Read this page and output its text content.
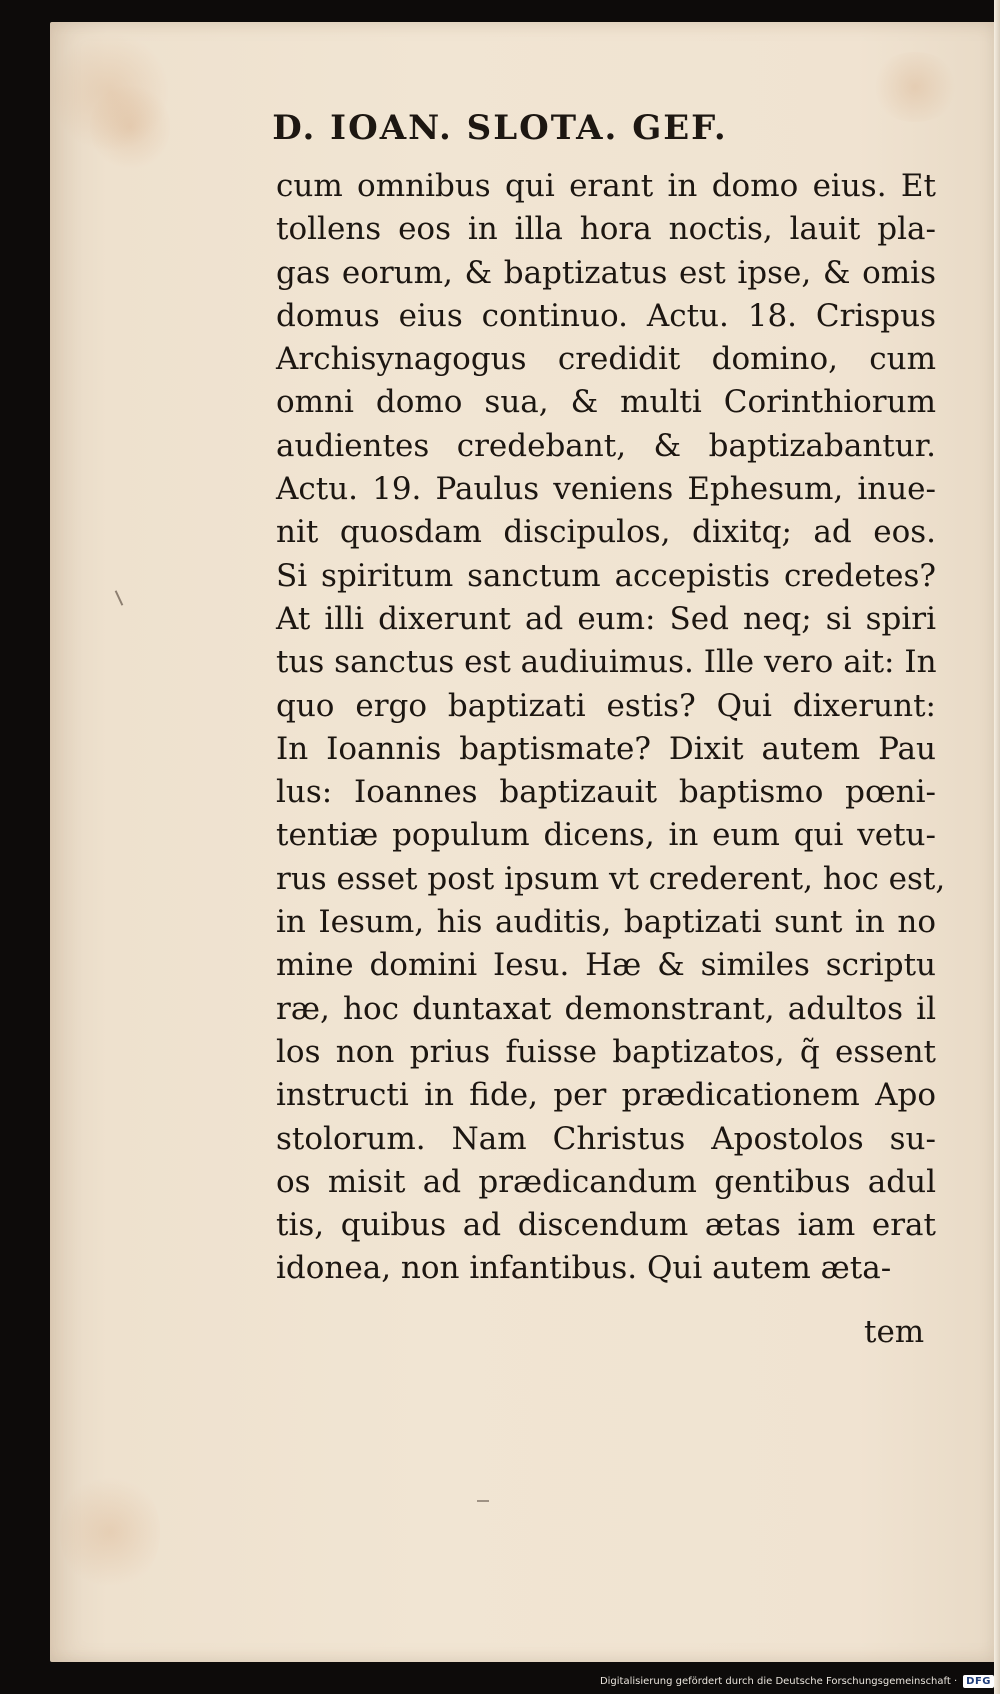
D. IOAN. SLOTA. GEF.
cum omnibus qui erant in domo eius. Et
tollens eos in illa hora noctis, lauit pla-
gas eorum, & baptizatus est ipse, & omis
domus eius continuo. Actu. 18. Crispus
Archisynagogus credidit domino, cum
omni domo sua, & multi Corinthiorum
audientes credebant, & baptizabantur.
Actu. 19. Paulus veniens Ephesum, inue-
nit quosdam discipulos, dixitq; ad eos.
Si spiritum sanctum accepistis credetes?
At illi dixerunt ad eum: Sed neq; si spiri
tus sanctus est audiuimus. Ille vero ait: In
quo ergo baptizati estis? Qui dixerunt:
In Ioannis baptismate? Dixit autem Pau
lus: Ioannes baptizauit baptismo pœni-
tentiæ populum dicens, in eum qui vetu-
rus esset post ipsum vt crederent, hoc est,
in Iesum, his auditis, baptizati sunt in no
mine domini Iesu. Hæ & similes scriptu
ræ, hoc duntaxat demonstrant, adultos il
los non prius fuisse baptizatos, q̃ essent
instructi in fide, per prædicationem Apo
stolorum. Nam Christus Apostolos su-
os misit ad prædicandum gentibus adul
tis, quibus ad discendum ætas iam erat
idonea, non infantibus. Qui autem æta-

tem

Digitalisierung gefördert durch die Deutsche Forschungsgemeinschaft · DFG
